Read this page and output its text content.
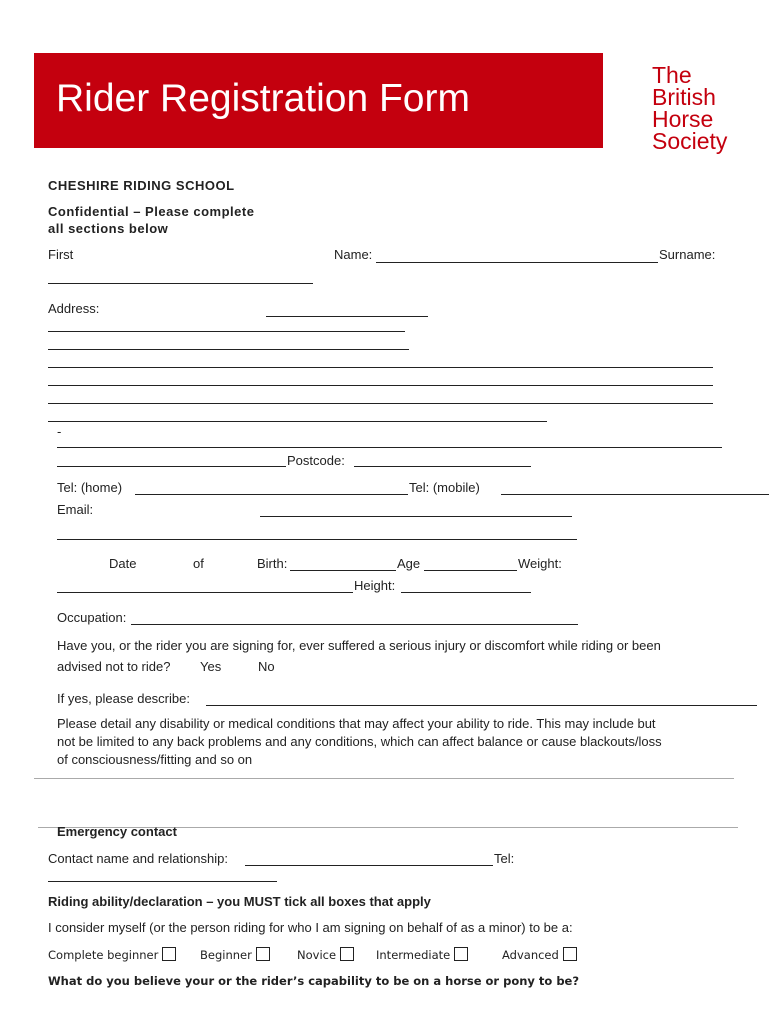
Rider Registration Form
The
British
Horse
Society
CHESHIRE RIDING SCHOOL
Confidential – Please complete
all sections below
First	Name:	Surname:
Address:
-
Postcode:
Tel: (home)	Tel: (mobile)
Email:
Date	of	Birth:	Age	Weight:
Height:
Occupation:
Have you, or the rider you are signing for, ever suffered a serious injury or discomfort while riding or been
advised not to ride? Yes	No
If yes, please describe:
Please detail any disability or medical conditions that may affect your ability to ride. This may include but
not be limited to any back problems and any conditions, which can affect balance or cause blackouts/loss
of consciousness/fitting and so on
Emergency contact
Contact name and relationship:	Tel:
Riding ability/declaration – you MUST tick all boxes that apply
I consider myself (or the person riding for who I am signing on behalf of as a minor) to be a:
Complete beginner	Beginner	Novice	Intermediate	Advanced
What do you believe your or the rider’s capability to be on a horse or pony to be?
